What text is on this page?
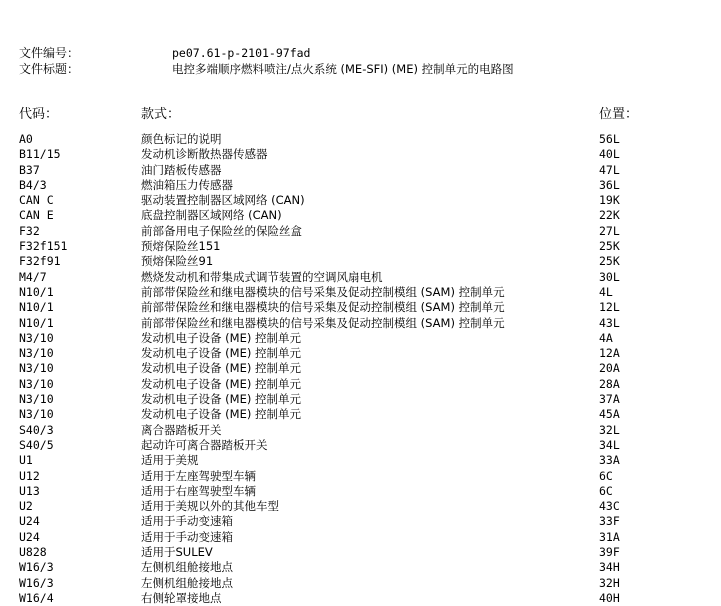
文件编号：	pe07.61-p-2101-97fad
文件标题：	电控多端顺序燃料喷注/点火系统 (ME-SFI) (ME) 控制单元的电路图
代码：	款式：	位置：
A0	颜色标记的说明	56L
B11/15	发动机诊断散热器传感器	40L
B37	油门踏板传感器	47L
B4/3	燃油箱压力传感器	36L
CAN C	驱动装置控制器区域网络 (CAN)	19K
CAN E	底盘控制器区域网络 (CAN)	22K
F32	前部备用电子保险丝的保险丝盒	27L
F32f151	预熔保险丝151	25K
F32f91	预熔保险丝91	25K
M4/7	燃烧发动机和带集成式调节装置的空调风扇电机	30L
N10/1	前部带保险丝和继电器模块的信号采集及促动控制模组 (SAM) 控制单元	4L
N10/1	前部带保险丝和继电器模块的信号采集及促动控制模组 (SAM) 控制单元	12L
N10/1	前部带保险丝和继电器模块的信号采集及促动控制模组 (SAM) 控制单元	43L
N3/10	发动机电子设备 (ME) 控制单元	4A
N3/10	发动机电子设备 (ME) 控制单元	12A
N3/10	发动机电子设备 (ME) 控制单元	20A
N3/10	发动机电子设备 (ME) 控制单元	28A
N3/10	发动机电子设备 (ME) 控制单元	37A
N3/10	发动机电子设备 (ME) 控制单元	45A
S40/3	离合器踏板开关	32L
S40/5	起动许可离合器踏板开关	34L
U1	适用于美规	33A
U12	适用于左座驾驶型车辆	6C
U13	适用于右座驾驶型车辆	6C
U2	适用于美规以外的其他车型	43C
U24	适用于手动变速箱	33F
U24	适用于手动变速箱	31A
U828	适用于SULEV	39F
W16/3	左侧机组舱接地点	34H
W16/3	左侧机组舱接地点	32H
W16/4	右侧轮罩接地点	40H
